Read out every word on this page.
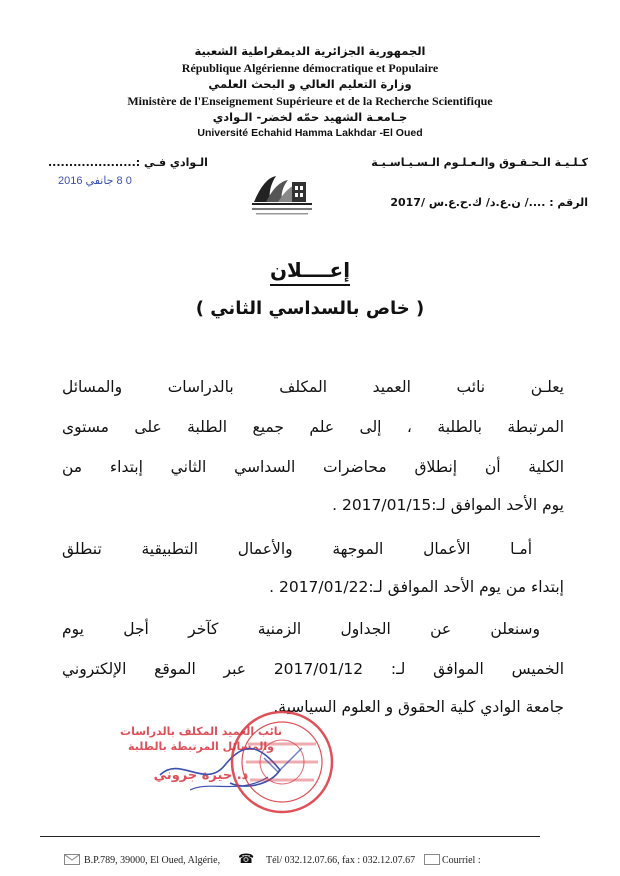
الجمهورية الجزائرية الديمقراطية الشعبية
République Algérienne démocratique et Populaire
وزارة التعليم العالي و البحث العلمي
Ministère de l'Enseignement Supérieure et de la Recherche Scientifique
جـامعـة الشهيد حمّه لخضر- الـوادي
Université Echahid Hamma Lakhdar -El Oued
كـلـيـة الـحـقـوق والـعـلـوم الـسـيـاسـيـة
الـوادي فـي :.....................
0 8 جانفي 2016
الرقم : ..../ ن.ع.د/ ك.ح.ع.س /2017
إعــــلان
( خاص بالسداسي الثاني )
يعلـن نائب العميد المكلف بالدراسات والمسائل
المرتبطة بالطلبة ، إلى علم جميع الطلبة على مستوى
الكلية أن إنطلاق محاضرات السداسي الثاني إبتداء من
يوم الأحد الموافق لـ:2017/01/15 .
أمـا الأعمال الموجهة والأعمال التطبيقية تنطلق
إبتداء من يوم الأحد الموافق لـ:2017/01/22 .
وسنعلن عن الجداول الزمنية كآخر أجل يوم
الخميس الموافق لـ: 2017/01/12 عبر الموقع الإلكتروني
جامعة الوادي كلية الحقوق و العلوم السياسية.
نائب العميد المكلف بالدراسات
والمسائل المرتبطة بالطلبة
د. حيزة جروني
B.P.789, 39000, El Oued, Algérie, ☎ Tél/ 032.12.07.66, fax : 032.12.07.67	Courriel :
